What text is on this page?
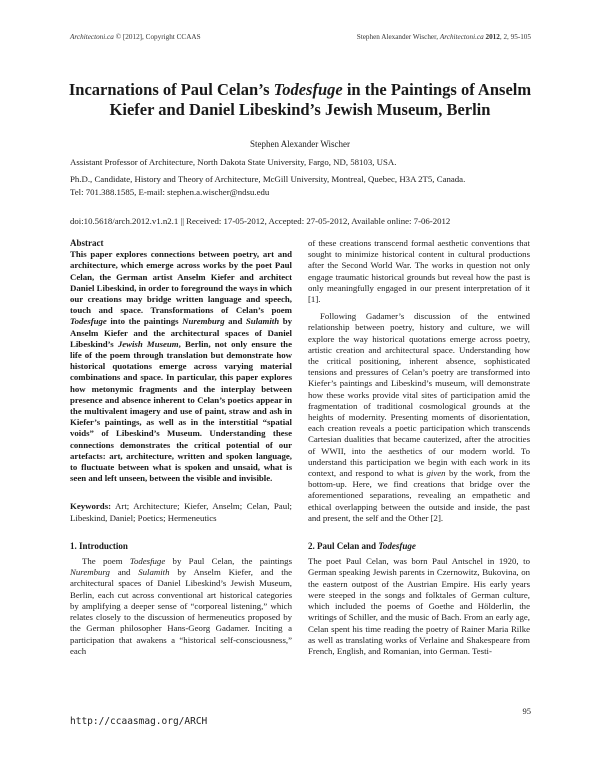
Architectoni.ca © [2012], Copyright CCAAS	Stephen Alexander Wischer, Architectoni.ca 2012, 2, 95-105
Incarnations of Paul Celan’s Todesfuge in the Paintings of Anselm Kiefer and Daniel Libeskind’s Jewish Museum, Berlin
Stephen Alexander Wischer
Assistant Professor of Architecture, North Dakota State University, Fargo, ND, 58103, USA.
Ph.D., Candidate, History and Theory of Architecture, McGill University, Montreal, Quebec, H3A 2T5, Canada.
Tel: 701.388.1585, E-mail: stephen.a.wischer@ndsu.edu
doi:10.5618/arch.2012.v1.n2.1 || Received: 17-05-2012, Accepted: 27-05-2012, Available online: 7-06-2012

Abstract

This paper explores connections between poetry, art and architecture, which emerge across works by the poet Paul Celan, the German artist Anselm Kiefer and architect Daniel Libeskind, in order to foreground the ways in which our creations may bridge written language and speech, touch and space. Transformations of Celan’s poem Todesfuge into the paintings Nuremburg and Sulamith by Anselm Kiefer and the architectural spaces of Daniel Libeskind’s Jewish Museum, Berlin, not only ensure the life of the poem through translation but demonstrate how historical quotations emerge across varying material combinations and space. In particular, this paper explores how metonymic fragments and the interplay between presence and absence inherent to Celan’s poetics appear in the multivalent imagery and use of paint, straw and ash in Kiefer’s paintings, as well as in the interstitial “spatial voids” of Libeskind’s Museum. Understanding these connections demonstrates the critical potential of our artefacts: art, architecture, written and spoken language, to fluctuate between what is spoken and unsaid, what is seen and left unseen, between the visible and invisible.

Keywords: Art; Architecture; Kiefer, Anselm; Celan, Paul; Libeskind, Daniel; Poetics; Hermeneutics

1. Introduction

The poem Todesfuge by Paul Celan, the paintings Nuremburg and Sulamith by Anselm Kiefer, and the architectural spaces of Daniel Libeskind’s Jewish Museum, Berlin, each cut across conventional art historical categories by amplifying a deeper sense of “corporeal listening,” which relates closely to the discussion of hermeneutics proposed by the German philosopher Hans-Georg Gadamer. Inciting a participation that awakens a “historical self-consciousness,” each

of these creations transcend formal aesthetic conventions that sought to minimize historical content in cultural productions after the Second World War. The works in question not only engage traumatic historical grounds but reveal how the past is only meaningfully engaged in our present interpretation of it [1].

Following Gadamer’s discussion of the entwined relationship between poetry, history and culture, we will explore the way historical quotations emerge across poetry, artistic creation and architectural space. Understanding how the critical positioning, inherent absence, sophisticated tensions and pressures of Celan’s poetry are transformed into Kiefer’s paintings and Libeskind’s museum, will demonstrate how these works provide vital sites of participation amid the fragmentation of traditional cosmological grounds at the heights of modernity. Presenting moments of disorientation, each creation reveals a poetic participation which transcends Cartesian dualities that became cauterized, after the atrocities of WWII, into the aesthetics of our modern world. To understand this participation we begin with each work in its context, and respond to what is given by the work, from the bottom-up. Here, we find creations that bridge over the aforementioned separations, revealing an empathetic and ethical overlapping between the outside and inside, the past and present, the self and the Other [2].

2. Paul Celan and Todesfuge

The poet Paul Celan, was born Paul Antschel in 1920, to German speaking Jewish parents in Czernowitz, Bukovina, on the eastern outpost of the Austrian Empire. His early years were steeped in the songs and folktales of German culture, which included the poems of Goethe and Hölderlin, the writings of Schiller, and the music of Bach. From an early age, Celan spent his time reading the poetry of Rainer Maria Rilke as well as translating works of Verlaine and Shakespeare from French, English, and Romanian, into German. Testi-

95
http://ccaasmag.org/ARCH
